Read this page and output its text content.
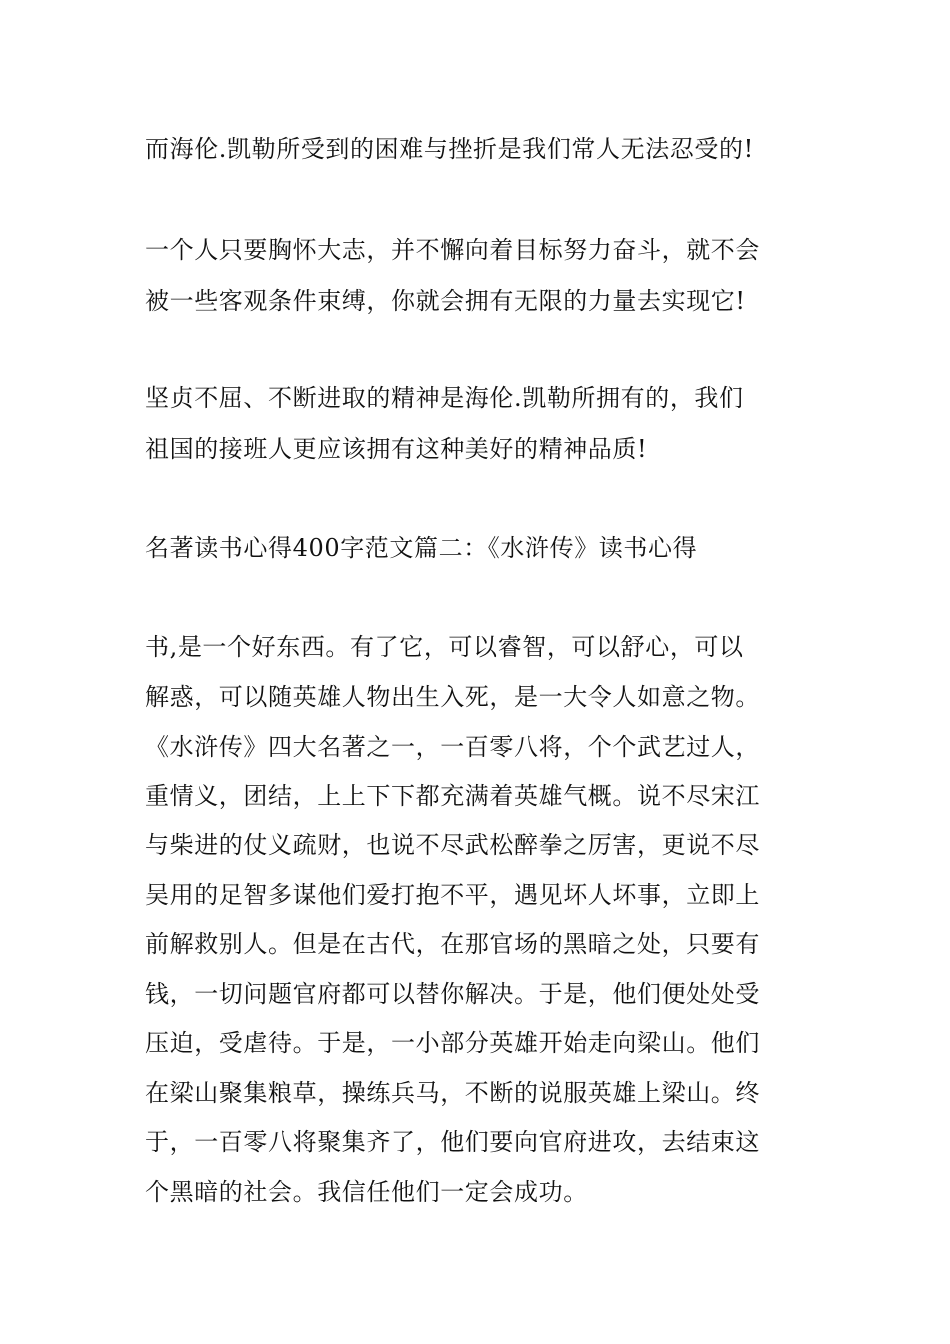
而海伦.凯勒所受到的困难与挫折是我们常人无法忍受的!
一个人只要胸怀大志，并不懈向着目标努力奋斗，就不会
被一些客观条件束缚，你就会拥有无限的力量去实现它!
坚贞不屈、不断进取的精神是海伦.凯勒所拥有的，我们
祖国的接班人更应该拥有这种美好的精神品质!
名著读书心得400字范文篇二：《水浒传》读书心得
书,是一个好东西。有了它，可以睿智，可以舒心，可以
解惑，可以随英雄人物出生入死，是一大令人如意之物。
《水浒传》四大名著之一，一百零八将，个个武艺过人，
重情义，团结，上上下下都充满着英雄气概。说不尽宋江
与柴进的仗义疏财，也说不尽武松醉拳之厉害，更说不尽
吴用的足智多谋他们爱打抱不平，遇见坏人坏事，立即上
前解救别人。但是在古代，在那官场的黑暗之处，只要有
钱，一切问题官府都可以替你解决。于是，他们便处处受
压迫，受虐待。于是，一小部分英雄开始走向梁山。他们
在梁山聚集粮草，操练兵马，不断的说服英雄上梁山。终
于，一百零八将聚集齐了，他们要向官府进攻，去结束这
个黑暗的社会。我信任他们一定会成功。
